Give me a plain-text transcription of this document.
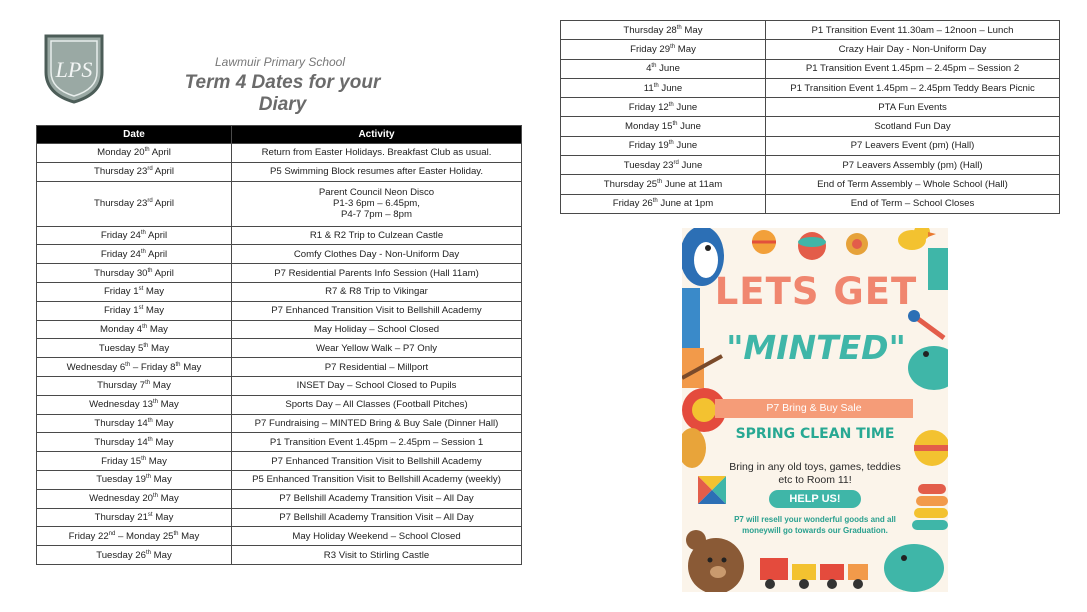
LPS	Lawmuir Primary School
Term 4 Dates for your Diary
Date	Activity
Monday 20th April	Return from Easter Holidays. Breakfast Club as usual.
Thursday 23rd April	P5 Swimming Block resumes after Easter Holiday.
Thursday 23rd April	Parent Council Neon Disco
P1-3 6pm – 6.45pm,
P4-7 7pm – 8pm
Friday 24th April	R1 & R2 Trip to Culzean Castle
Friday 24th April	Comfy Clothes Day - Non-Uniform Day
Thursday 30th April	P7 Residential Parents Info Session (Hall 11am)
Friday 1st May	R7 & R8 Trip to Vikingar
Friday 1st May	P7 Enhanced Transition Visit to Bellshill Academy
Monday 4th May	May Holiday – School Closed
Tuesday 5th May	Wear Yellow Walk – P7 Only
Wednesday 6th – Friday 8th May	P7 Residential – Millport
Thursday 7th May	INSET Day – School Closed to Pupils
Wednesday 13th May	Sports Day – All Classes (Football Pitches)
Thursday 14th May	P7 Fundraising – MINTED Bring & Buy Sale (Dinner Hall)
Thursday 14th May	P1 Transition Event 1.45pm – 2.45pm – Session 1
Friday 15th May	P7 Enhanced Transition Visit to Bellshill Academy
Tuesday 19th May	P5 Enhanced Transition Visit to Bellshill Academy (weekly)
Wednesday 20th May	P7 Bellshill Academy Transition Visit – All Day
Thursday 21st May	P7 Bellshill Academy Transition Visit – All Day
Friday 22nd – Monday 25th May	May Holiday Weekend – School Closed
Tuesday 26th May	R3 Visit to Stirling Castle
Thursday 28th May	P1 Transition Event 11.30am – 12noon – Lunch
Friday 29th May	Crazy Hair Day - Non-Uniform Day
4th June	P1 Transition Event 1.45pm – 2.45pm – Session 2
11th June	P1 Transition Event 1.45pm – 2.45pm Teddy Bears Picnic
Friday 12th June	PTA Fun Events
Monday 15th June	Scotland Fun Day
Friday 19th June	P7 Leavers Event (pm) (Hall)
Tuesday 23rd June	P7 Leavers Assembly (pm) (Hall)
Thursday 25th June at 11am	End of Term Assembly – Whole School (Hall)
Friday 26th June at 1pm	End of Term – School Closes
LETS GET
"MINTED"
P7 Bring & Buy Sale
SPRING CLEAN TIME
Bring in any old toys, games, teddies etc to Room 11!
HELP US!
P7 will resell your wonderful goods and all moneywill go towards our Graduation.
